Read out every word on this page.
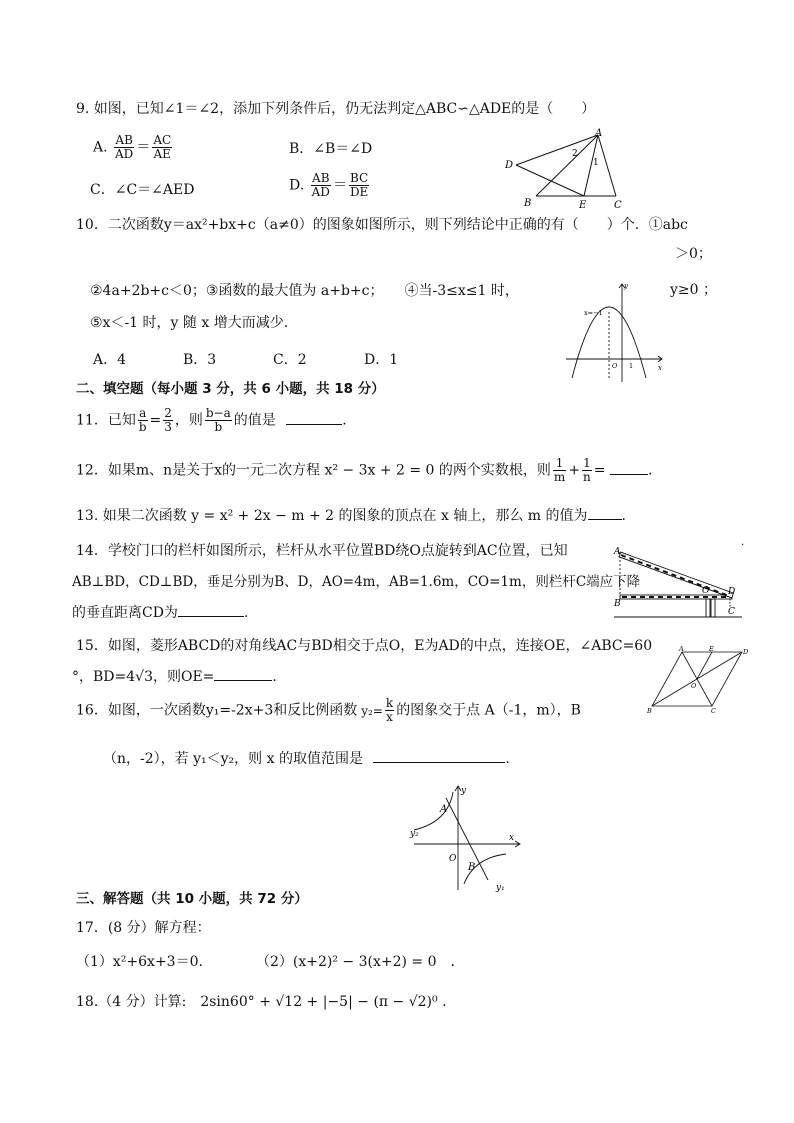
9. 如图，已知∠1＝∠2，添加下列条件后，仍无法判定△ABC∽△ADE的是（　　）
A. $\frac{AB}{AD} = \frac{AC}{AE}$	B．∠B＝∠D
C．∠C＝∠AED	D. $\frac{AB}{AD} = \frac{BC}{DE}$
A
D
B	E	C
1
2
10．二次函数y＝ax²+bx+c（a≠0）的图象如图所示，则下列结论中正确的有（　　）个．①abc
＞0；
②4a+2b+c＜0；③函数的最大值为 a+b+c；　　④当-3≤x≤1 时，	y≥0 ；
⑤x＜-1 时，y 随 x 增大而减少．
A．4	B．3	C．2	D．1
y
x
x=−1
O 1
二、填空题（每小题 3 分，共 6 小题，共 18 分）
11．已知 $\frac{a}{b} = \frac{2}{3}$ ，则 $\frac{b-a}{b}$ 的值是	.
12．如果m、n是关于x的一元二次方程 x² − 3x + 2 = 0 的两个实数根，则 $\frac{1}{m} + \frac{1}{n}$ =	.
13. 如果二次函数 y = x² + 2x − m + 2 的图象的顶点在 x 轴上，那么 m 的值为 .
14．学校门口的栏杆如图所示，栏杆从水平位置BD绕O点旋转到AC位置，已知
AB⊥BD，CD⊥BD，垂足分别为B、D，AO=4m，AB=1.6m，CO=1m，则栏杆C端应下降
的垂直距离CD为	.
A
B
O D
C
·
15．如图，菱形ABCD的对角线AC与BD相交于点O，E为AD的中点，连接OE，∠ABC=60
°，BD=4√3，则OE=	.
A	E	D
O
B	C
16．如图，一次函数y₁=-2x+3和反比例函数 $y_2= \frac{k}{x}$ 的图象交于点 A（-1，m），B
（n，-2），若 y₁＜y₂，则 x 的取值范围是	.
y
x
A
B
O
y₂
y₁
三、解答题（共 10 小题，共 72 分）
17．(8 分）解方程：
（1）x²+6x+3＝0.	（2）(x+2)² − 3(x+2) = 0　．
18.（4 分）计算:　2sin60° + √12 + |−5| − (π − √2)⁰ .
